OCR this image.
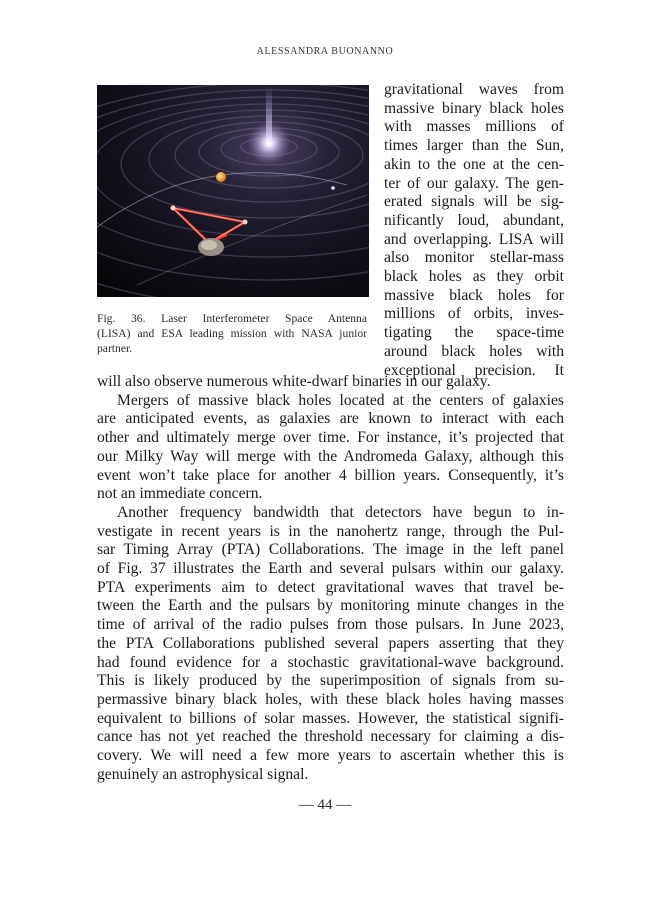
ALESSANDRA BUONANNO
Fig. 36. Laser Interferometer Space Antenna
(LISA) and ESA leading mission with NASA junior
partner.
gravitational waves from
massive binary black holes
with masses millions of
times larger than the Sun,
akin to the one at the cen-
ter of our galaxy. The gen-
erated signals will be sig-
nificantly loud, abundant,
and overlapping. LISA will
also monitor stellar-mass
black holes as they orbit
massive black holes for
millions of orbits, inves-
tigating the space-time
around black holes with
exceptional precision. It
will also observe numerous white-dwarf binaries in our galaxy.
Mergers of massive black holes located at the centers of galaxies
are anticipated events, as galaxies are known to interact with each
other and ultimately merge over time. For instance, it’s projected that
our Milky Way will merge with the Andromeda Galaxy, although this
event won’t take place for another 4 billion years. Consequently, it’s
not an immediate concern.
Another frequency bandwidth that detectors have begun to in-
vestigate in recent years is in the nanohertz range, through the Pul-
sar Timing Array (PTA) Collaborations. The image in the left panel
of Fig. 37 illustrates the Earth and several pulsars within our galaxy.
PTA experiments aim to detect gravitational waves that travel be-
tween the Earth and the pulsars by monitoring minute changes in the
time of arrival of the radio pulses from those pulsars. In June 2023,
the PTA Collaborations published several papers asserting that they
had found evidence for a stochastic gravitational-wave background.
This is likely produced by the superimposition of signals from su-
permassive binary black holes, with these black holes having masses
equivalent to billions of solar masses. However, the statistical signifi-
cance has not yet reached the threshold necessary for claiming a dis-
covery. We will need a few more years to ascertain whether this is
genuinely an astrophysical signal.
— 44 —
